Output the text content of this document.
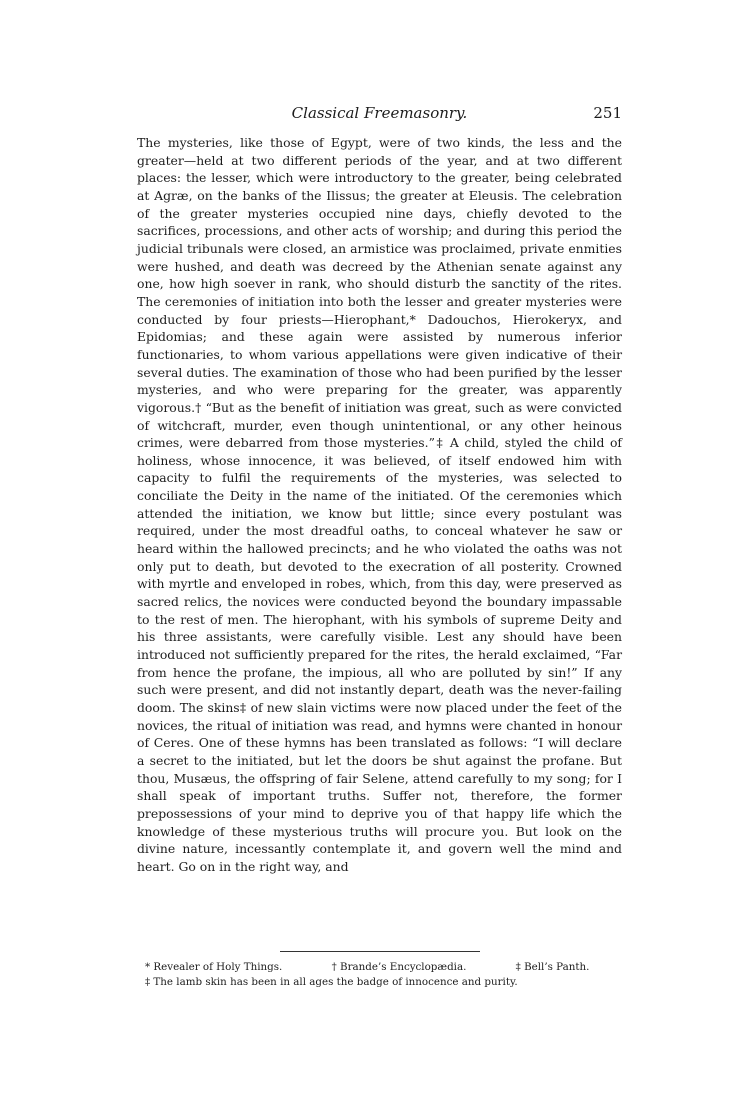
Classical Freemasonry.	251

The mysteries, like those of Egypt, were of two kinds, the less and the greater—held at two different periods of the year, and at two different places: the lesser, which were introductory to the greater, being celebrated at Agræ, on the banks of the Ilissus; the greater at Eleusis. The celebration of the greater mysteries occupied nine days, chiefly devoted to the sacrifices, processions, and other acts of worship; and during this period the judicial tribunals were closed, an armistice was proclaimed, private enmities were hushed, and death was decreed by the Athenian senate against any one, how high soever in rank, who should disturb the sanctity of the rites. The ceremonies of initiation into both the lesser and greater mysteries were conducted by four priests—Hierophant,* Dadouchos, Hierokeryx, and Epidomias; and these again were assisted by numerous inferior functionaries, to whom various appellations were given indicative of their several duties. The examination of those who had been purified by the lesser mysteries, and who were preparing for the greater, was apparently vigorous.† “But as the benefit of initiation was great, such as were convicted of witchcraft, murder, even though unintentional, or any other heinous crimes, were debarred from those mysteries.”‡ A child, styled the child of holiness, whose innocence, it was believed, of itself endowed him with capacity to fulfil the requirements of the mysteries, was selected to conciliate the Deity in the name of the initiated. Of the ceremonies which attended the initiation, we know but little; since every postulant was required, under the most dreadful oaths, to conceal whatever he saw or heard within the hallowed precincts; and he who violated the oaths was not only put to death, but devoted to the execration of all posterity. Crowned with myrtle and enveloped in robes, which, from this day, were preserved as sacred relics, the novices were conducted beyond the boundary impassable to the rest of men. The hierophant, with his symbols of supreme Deity and his three assistants, were carefully visible. Lest any should have been introduced not sufficiently prepared for the rites, the herald exclaimed, “Far from hence the profane, the impious, all who are polluted by sin!” If any such were present, and did not instantly depart, death was the never-failing doom. The skins‡ of new slain victims were now placed under the feet of the novices, the ritual of initiation was read, and hymns were chanted in honour of Ceres. One of these hymns has been translated as follows: “I will declare a secret to the initiated, but let the doors be shut against the profane. But thou, Musæus, the offspring of fair Selene, attend carefully to my song; for I shall speak of important truths. Suffer not, therefore, the former prepossessions of your mind to deprive you of that happy life which the knowledge of these mysterious truths will procure you. But look on the divine nature, incessantly contemplate it, and govern well the mind and heart. Go on in the right way, and

* Revealer of Holy Things.	† Brande’s Encyclopædia.	‡ Bell’s Panth.
‡ The lamb skin has been in all ages the badge of innocence and purity.
